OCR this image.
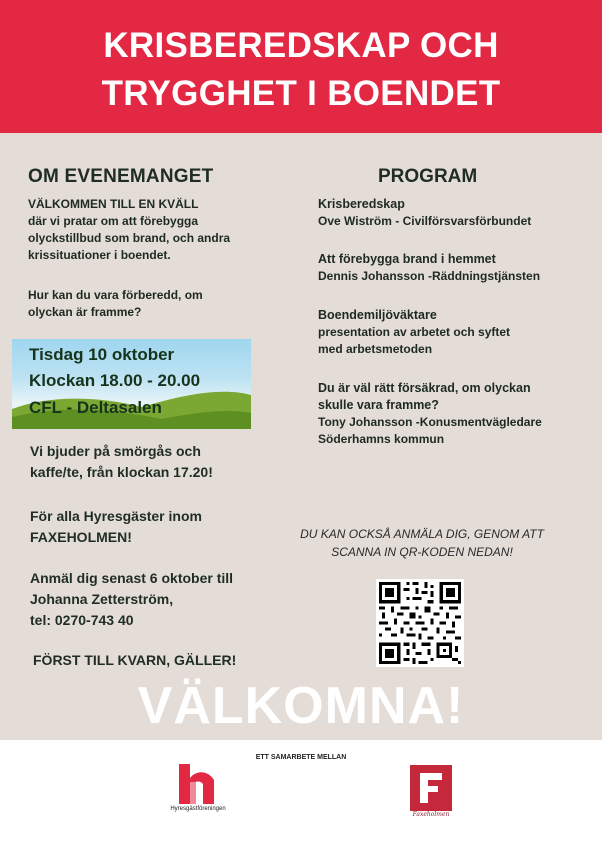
KRISBEREDSKAP OCH
TRYGGHET I BOENDET
OM EVENEMANGET
VÄLKOMMEN TILL EN KVÄLL
där vi pratar om att förebygga
olyckstillbud som brand, och andra
krissituationer i boendet.
Hur kan du vara förberedd, om
olyckan är framme?
Tisdag 10 oktober
Klockan 18.00 - 20.00
CFL - Deltasalen
Vi bjuder på smörgås och
kaffe/te, från klockan 17.20!
För alla Hyresgäster inom
FAXEHOLMEN!
Anmäl dig senast 6 oktober till
Johanna Zetterström,
tel: 0270-743 40
FÖRST TILL KVARN, GÄLLER!
PROGRAM
Krisberedskap
Ove Wiström - Civilförsvarsförbundet
Att förebygga brand i hemmet
Dennis Johansson -Räddningstjänsten
Boendemiljöväktare
presentation av arbetet och syftet
med arbetsmetoden
Du är väl rätt försäkrad, om olyckan
skulle vara framme?
Tony Johansson -Konusmentvägledare
Söderhamns kommun
DU KAN OCKSÅ ANMÄLA DIG, GENOM ATT
SCANNA IN QR-KODEN NEDAN!
VÄLKOMNA!
ETT SAMARBETE MELLAN
Hyresgästföreningen
Faxeholmen
